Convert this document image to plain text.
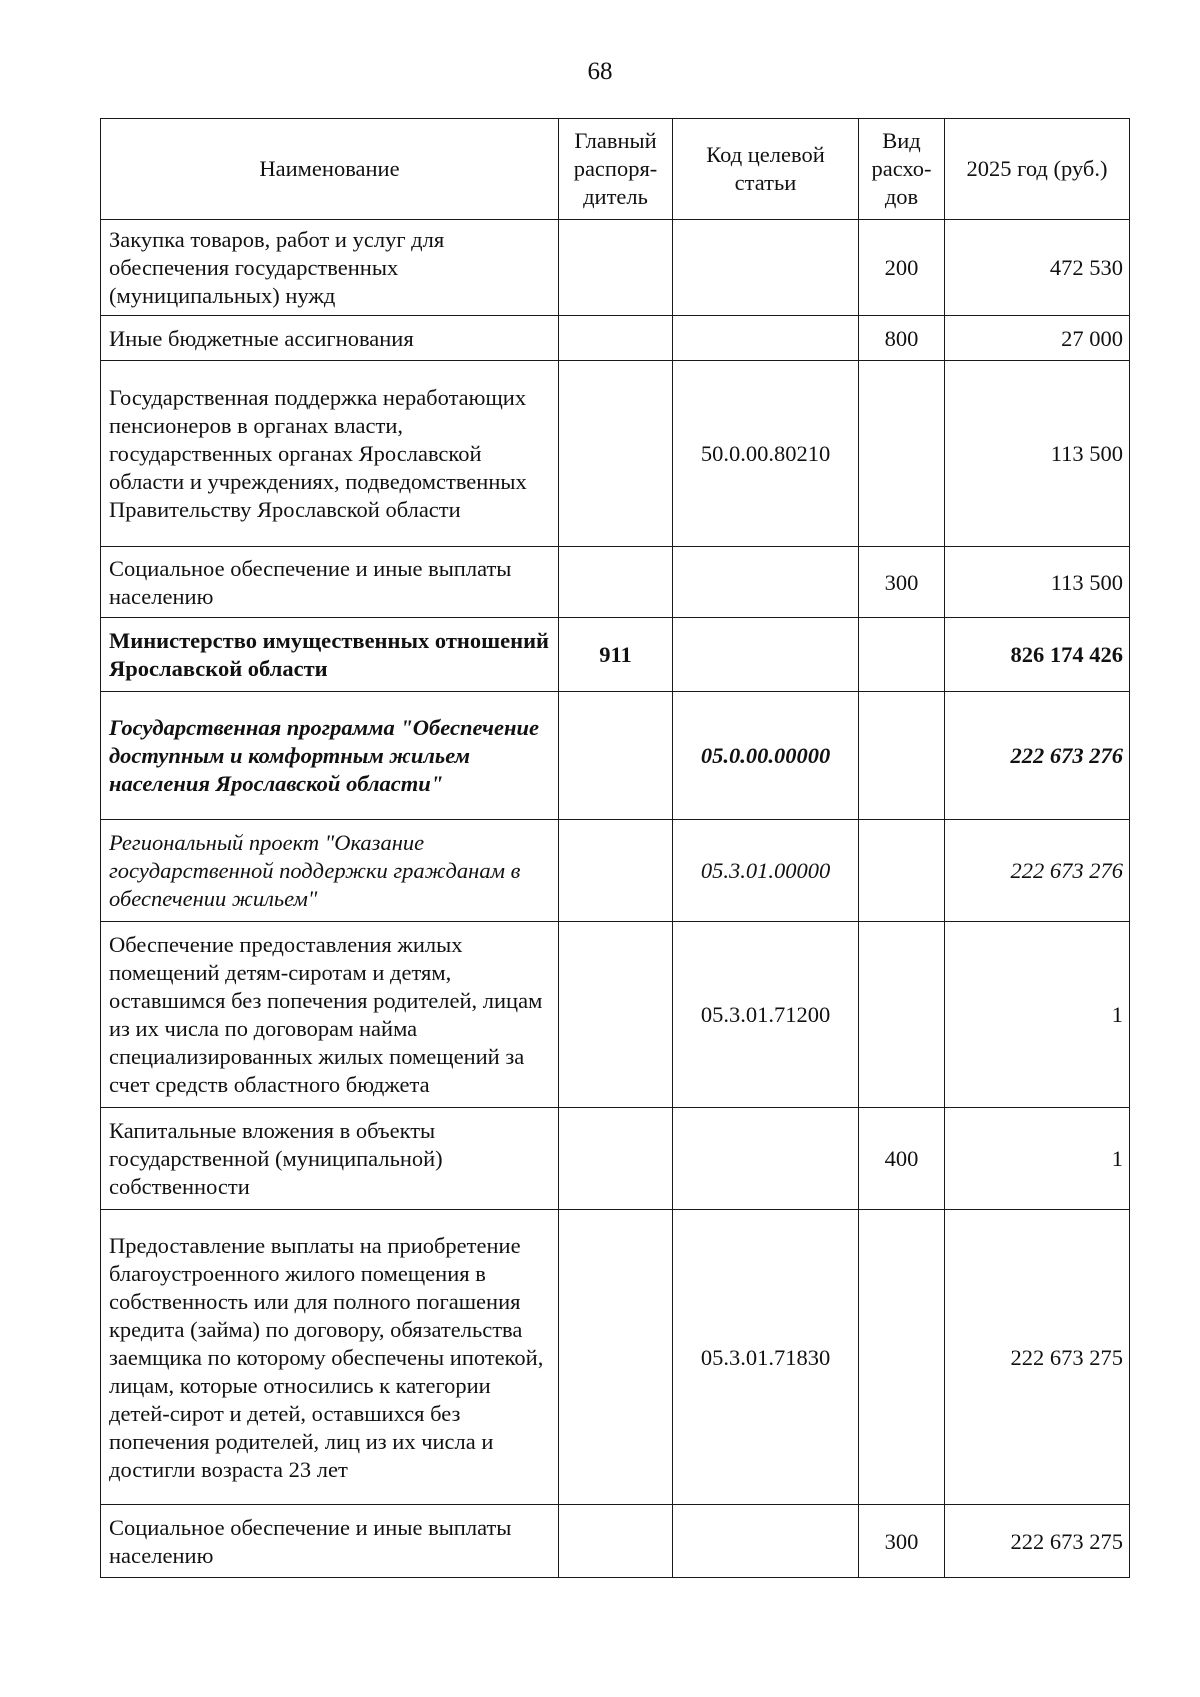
68
Наименование	Главный распоря-дитель	Код целевой статьи	Вид расхо-дов	2025 год (руб.)
Закупка товаров, работ и услуг для обеспечения государственных (муниципальных) нужд			200	472 530
Иные бюджетные ассигнования			800	27 000
Государственная поддержка неработающих пенсионеров в органах власти, государственных органах Ярославской области и учреждениях, подведомственных Правительству Ярославской области		50.0.00.80210		113 500
Социальное обеспечение и иные выплаты населению			300	113 500
Министерство имущественных отношений Ярославской области	911			826 174 426
Государственная программа "Обеспечение доступным и комфортным жильем населения Ярославской области"		05.0.00.00000		222 673 276
Региональный проект "Оказание государственной поддержки гражданам в обеспечении жильем"		05.3.01.00000		222 673 276
Обеспечение предоставления жилых помещений детям-сиротам и детям, оставшимся без попечения родителей, лицам из их числа по договорам найма специализированных жилых помещений за счет средств областного бюджета		05.3.01.71200		1
Капитальные вложения в объекты государственной (муниципальной) собственности			400	1
Предоставление выплаты на приобретение благоустроенного жилого помещения в собственность или для полного погашения кредита (займа) по договору, обязательства заемщика по которому обеспечены ипотекой, лицам, которые относились к категории детей-сирот и детей, оставшихся без попечения родителей, лиц из их числа и достигли возраста 23 лет		05.3.01.71830		222 673 275
Социальное обеспечение и иные выплаты населению			300	222 673 275
